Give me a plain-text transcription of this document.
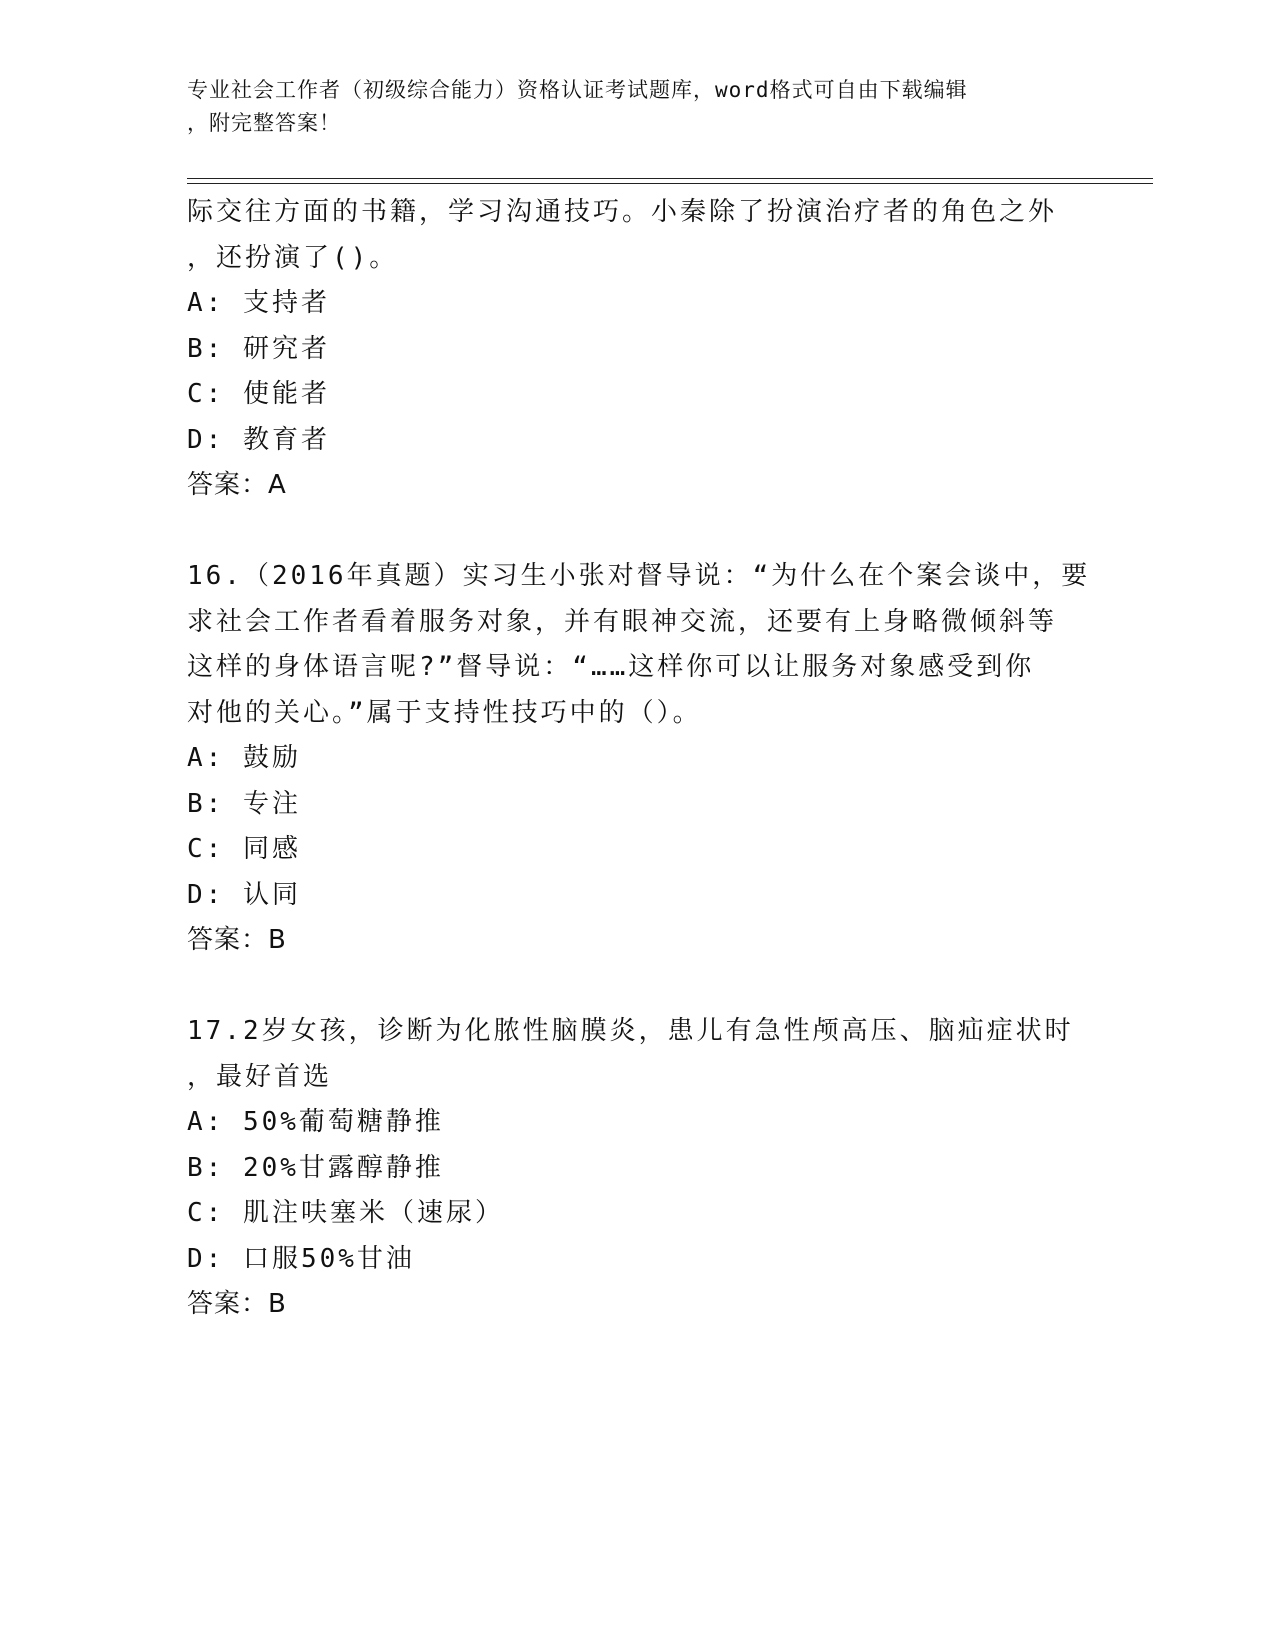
专业社会工作者（初级综合能力）资格认证考试题库，word格式可自由下载编辑
，附完整答案！
际交往方面的书籍，学习沟通技巧。小秦除了扮演治疗者的角色之外
，还扮演了()。
A: 支持者
B: 研究者
C: 使能者
D: 教育者
答案：A
16.（2016年真题）实习生小张对督导说：“为什么在个案会谈中，要
求社会工作者看着服务对象，并有眼神交流，还要有上身略微倾斜等
这样的身体语言呢?”督导说：“……这样你可以让服务对象感受到你
对他的关心。”属于支持性技巧中的（）。
A: 鼓励
B: 专注
C: 同感
D: 认同
答案：B
17.2岁女孩，诊断为化脓性脑膜炎，患儿有急性颅高压、脑疝症状时
，最好首选
A: 50%葡萄糖静推
B: 20%甘露醇静推
C: 肌注呋塞米（速尿）
D: 口服50%甘油
答案：B
